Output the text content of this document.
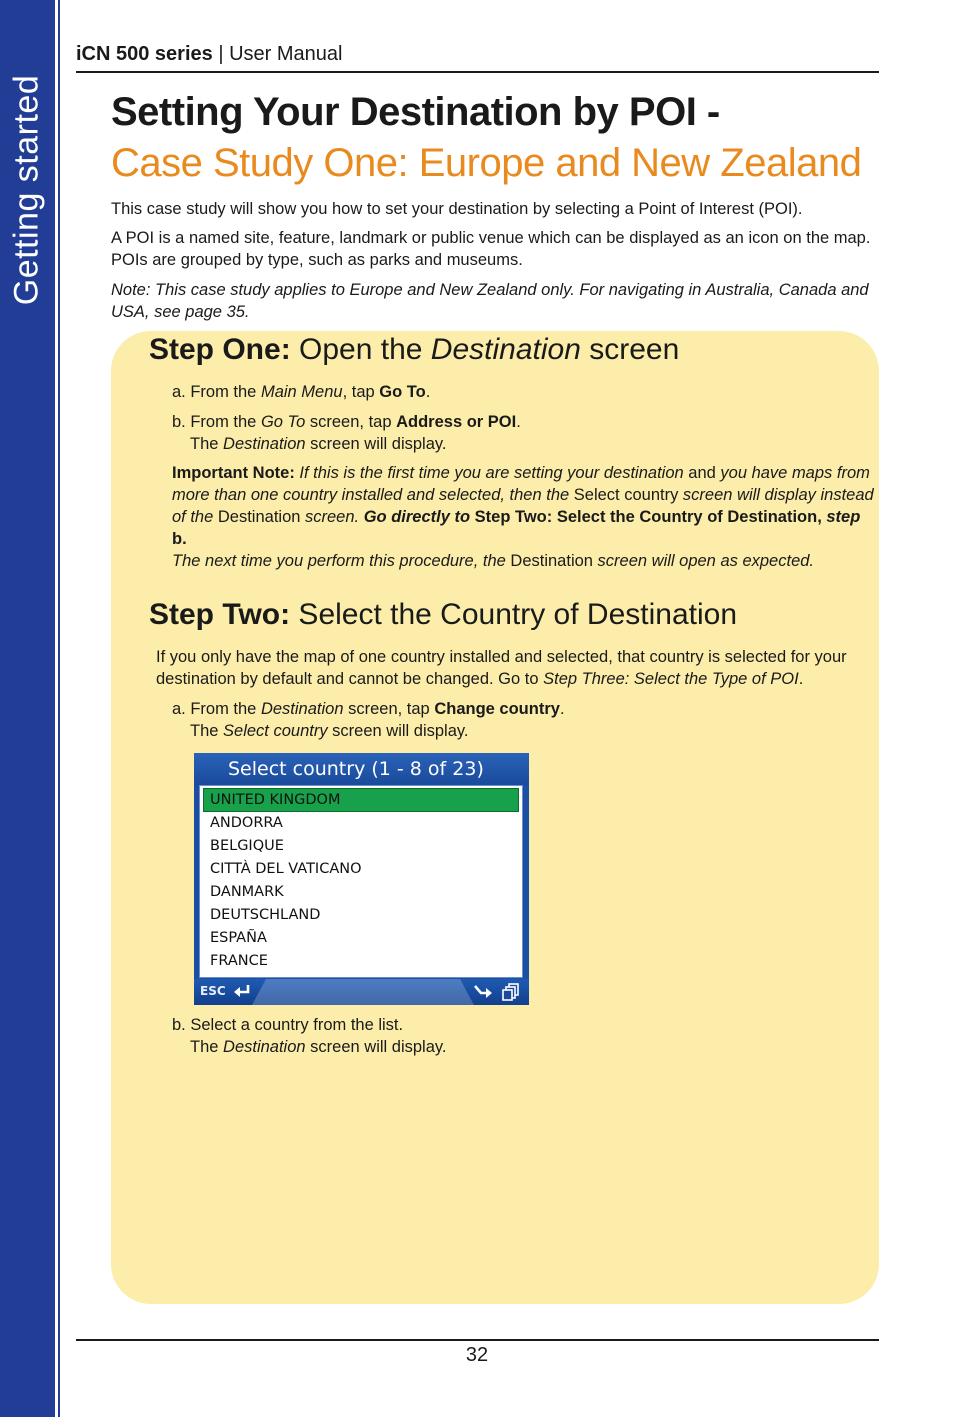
Getting started
iCN 500 series | User Manual
Setting Your Destination by POI -
Case Study One: Europe and New Zealand
This case study will show you how to set your destination by selecting a Point of Interest (POI).
A POI is a named site, feature, landmark or public venue which can be displayed as an icon on the map. POIs are grouped by type, such as parks and museums.
Note: This case study applies to Europe and New Zealand only. For navigating in Australia, Canada and USA, see page 35.
Step One: Open the Destination screen
a. From the Main Menu, tap Go To.
b. From the Go To screen, tap Address or POI.
The Destination screen will display.
Important Note: If this is the first time you are setting your destination and you have maps from more than one country installed and selected, then the Select country screen will display instead of the Destination screen. Go directly to Step Two: Select the Country of Destination, step b.
The next time you perform this procedure, the Destination screen will open as expected.
Step Two: Select the Country of Destination
If you only have the map of one country installed and selected, that country is selected for your destination by default and cannot be changed. Go to Step Three: Select the Type of POI.
a. From the Destination screen, tap Change country.
The Select country screen will display.
Select country (1 - 8 of 23)
UNITED KINGDOM
ANDORRA
BELGIQUE
CITTÀ DEL VATICANO
DANMARK
DEUTSCHLAND
ESPAÑA
FRANCE
ESC
b. Select a country from the list.
The Destination screen will display.
32
